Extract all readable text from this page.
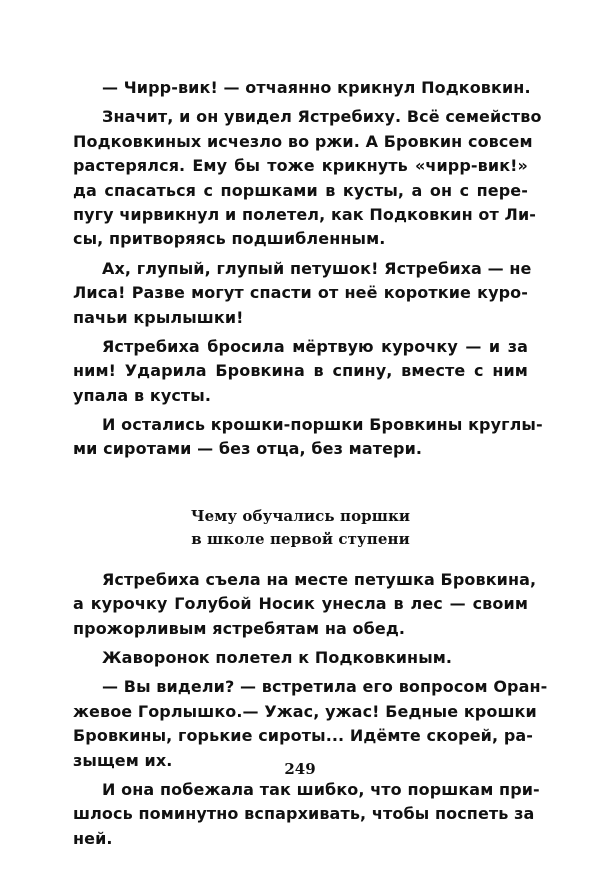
— Чирр-вик! — отчаянно крикнул Подковкин.
Значит, и он увидел Ястребиху. Всё семейство
Подковкиных исчезло во ржи. А Бровкин совсем
растерялся. Ему бы тоже крикнуть «чирр-вик!»
да спасаться с поршками в кусты, а он с пере-
пугу чирвикнул и полетел, как Подковкин от Ли-
сы, притворяясь подшибленным.
Ах, глупый, глупый петушок! Ястребиха — не
Лиса! Разве могут спасти от неё короткие куро-
пачьи крылышки!
Ястребиха бросила мёртвую курочку — и за
ним! Ударила Бровкина в спину, вместе с ним
упала в кусты.
И остались крошки-поршки Бровкины круглы-
ми сиротами — без отца, без матери.
Чему обучались поршки
в школе первой ступени
Ястребиха съела на месте петушка Бровкина,
а курочку Голубой Носик унесла в лес — своим
прожорливым ястребятам на обед.
Жаворонок полетел к Подковкиным.
— Вы видели? — встретила его вопросом Оран-
жевое Горлышко.— Ужас, ужас! Бедные крошки
Бровкины, горькие сироты... Идёмте скорей, ра-
зыщем их.
И она побежала так шибко, что поршкам при-
шлось поминутно вспархивать, чтобы поспеть за
ней.
249
